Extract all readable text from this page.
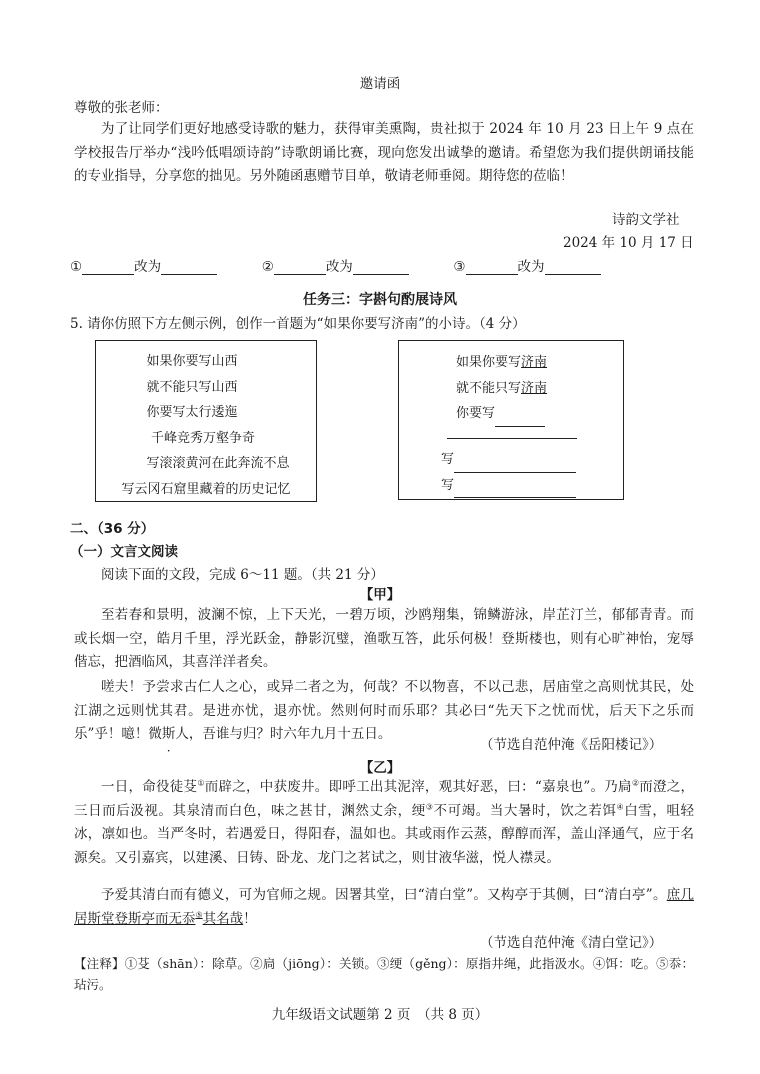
邀请函
尊敬的张老师：
为了让同学们更好地感受诗歌的魅力，获得审美熏陶，贵社拟于 2024 年 10 月 23 日上午 9 点在学校报告厅举办“浅吟低唱颂诗韵”诗歌朗诵比赛，现向您发出诚挚的邀请。希望您为我们提供朗诵技能的专业指导，分享您的拙见。另外随函惠赠节目单，敬请老师垂阅。期待您的莅临！
诗韵文学社
2024 年 10 月 17 日
①	改为	②	改为	③	改为
任务三：字斟句酌展诗风
5. 请你仿照下方左侧示例，创作一首题为“如果你要写济南”的小诗。（4 分）
如果你要写山西
就不能只写山西
你要写太行逶迤
千峰竞秀万壑争奇
写滚滚黄河在此奔流不息
写云冈石窟里藏着的历史记忆
如果你要写济南
就不能只写济南
你要写
写
写
二、（36 分）
（一）文言文阅读
阅读下面的文段，完成 6～11 题。（共 21 分）
【甲】
至若春和景明，波澜不惊，上下天光，一碧万顷，沙鸥翔集，锦鳞游泳，岸芷汀兰，郁郁青青。而或长烟一空，皓月千里，浮光跃金，静影沉璧，渔歌互答，此乐何极！登斯楼也，则有心旷神怡，宠辱偕忘，把酒临风，其喜洋洋者矣。
嗟夫！予尝求古仁人之心，或异二者之为，何哉？不以物喜，不以己悲，居庙堂之高则忧其民，处江湖之远则忧其君。是进亦忧，退亦忧。然则何时而乐耶？其必曰“先天下之忧而忧，后天下之乐而乐”乎！噫！微斯人，吾谁与归？时六年九月十五日。
（节选自范仲淹《岳阳楼记》）
【乙】
一日，命役徒芟①而辟之，中获废井。即呼工出其泥滓，观其好恶，曰：“嘉泉也”。乃扃②而澄之，三日而后汲视。其泉清而白色，味之甚甘，渊然丈余，绠③不可竭。当大暑时，饮之若饵④白雪，咀轻冰，凛如也。当严冬时，若遇爱日，得阳春，温如也。其或雨作云蒸，醇醇而浑，盖山泽通气，应于名源矣。又引嘉宾，以建溪、日铸、卧龙、龙门之茗试之，则甘液华滋，悦人襟灵。
予爱其清白而有德义，可为官师之规。因署其堂，曰“清白堂”。又构亭于其侧，曰“清白亭”。庶几居斯堂登斯亭而无忝⑤其名哉！
（节选自范仲淹《清白堂记》）
【注释】①芟（shān）：除草。②扃（jiōng）：关锁。③绠（gěng）：原指井绳，此指汲水。④饵：吃。⑤忝：玷污。
九年级语文试题第 2 页　（共 8 页）
